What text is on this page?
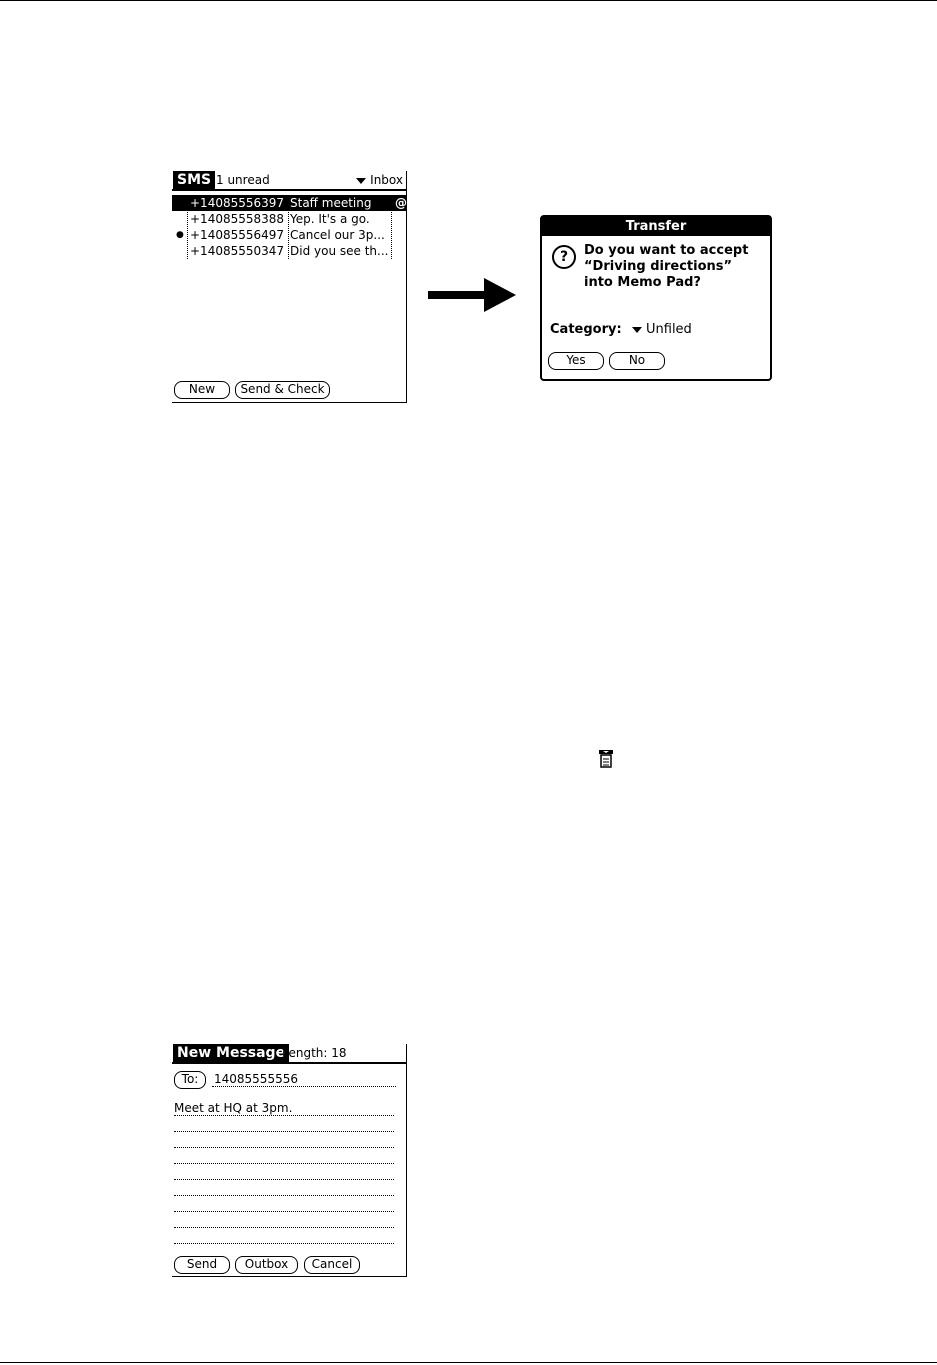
SMS 1 unread	Inbox
+14085556397 Staff meeting @
+14085558388 Yep. It's a go.
● +14085556497 Cancel our 3p...
+14085550347 Did you see th...
New	Send & Check
Transfer
?	Do you want to accept
“Driving directions”
into Memo Pad?
Category:	Unfiled
Yes	No
New Message
Length: 18
To:	14085555556
Meet at HQ at 3pm.
Send	Outbox	Cancel
